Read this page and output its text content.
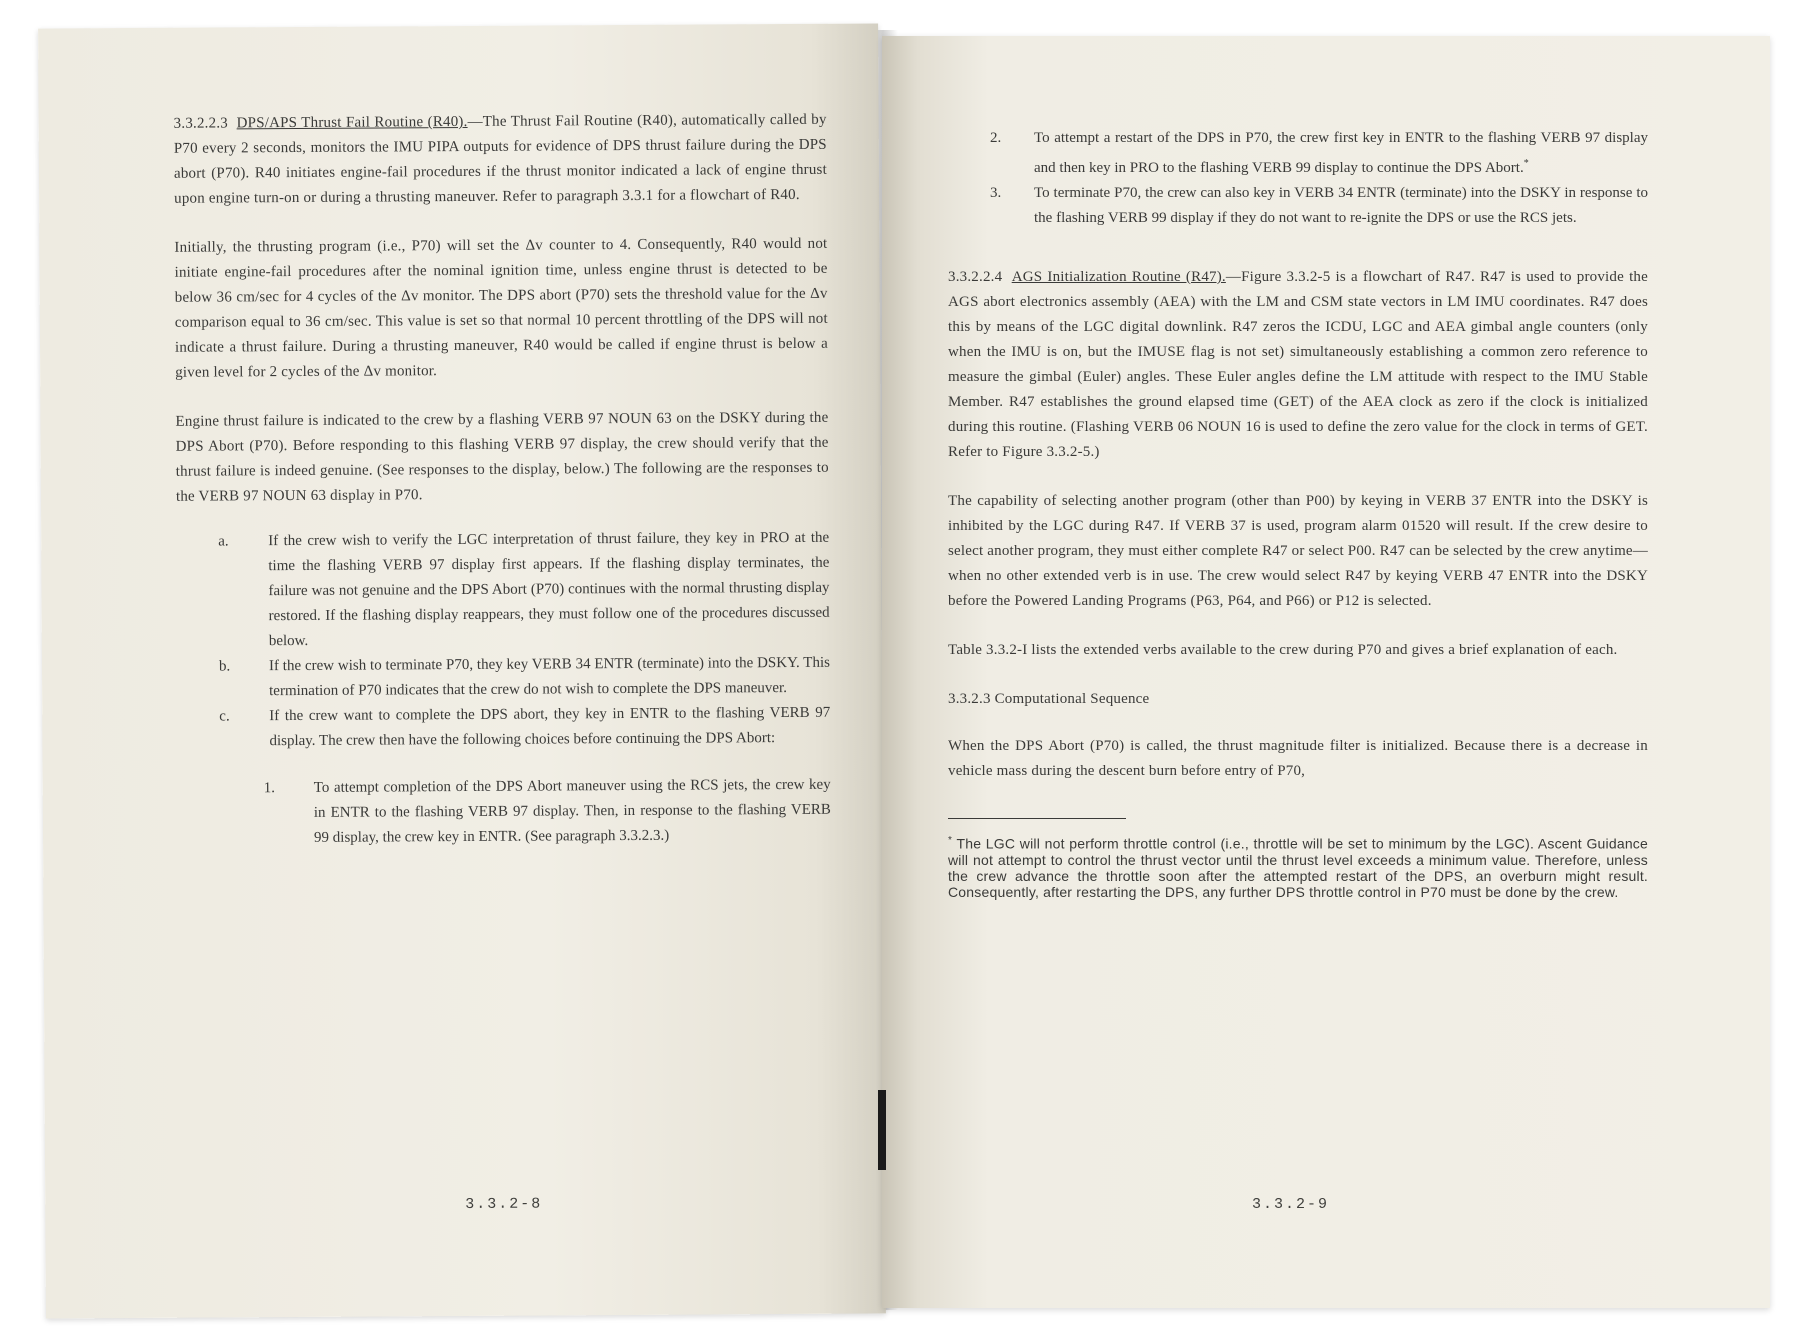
3.3.2.2.3 DPS/APS Thrust Fail Routine (R40).—The Thrust Fail Routine (R40), automatically called by P70 every 2 seconds, monitors the IMU PIPA outputs for evidence of DPS thrust failure during the DPS abort (P70). R40 initiates engine-fail procedures if the thrust monitor indicated a lack of engine thrust upon engine turn-on or during a thrusting maneuver. Refer to paragraph 3.3.1 for a flowchart of R40.

Initially, the thrusting program (i.e., P70) will set the Δv counter to 4. Consequently, R40 would not initiate engine-fail procedures after the nominal ignition time, unless engine thrust is detected to be below 36 cm/sec for 4 cycles of the Δv monitor. The DPS abort (P70) sets the threshold value for the Δv comparison equal to 36 cm/sec. This value is set so that normal 10 percent throttling of the DPS will not indicate a thrust failure. During a thrusting maneuver, R40 would be called if engine thrust is below a given level for 2 cycles of the Δv monitor.

Engine thrust failure is indicated to the crew by a flashing VERB 97 NOUN 63 on the DSKY during the DPS Abort (P70). Before responding to this flashing VERB 97 display, the crew should verify that the thrust failure is indeed genuine. (See responses to the display, below.) The following are the responses to the VERB 97 NOUN 63 display in P70.

a.	If the crew wish to verify the LGC interpretation of thrust failure, they key in PRO at the time the flashing VERB 97 display first appears. If the flashing display terminates, the failure was not genuine and the DPS Abort (P70) continues with the normal thrusting display restored. If the flashing display reappears, they must follow one of the procedures discussed below.
b.	If the crew wish to terminate P70, they key VERB 34 ENTR (terminate) into the DSKY. This termination of P70 indicates that the crew do not wish to complete the DPS maneuver.
c.	If the crew want to complete the DPS abort, they key in ENTR to the flashing VERB 97 display. The crew then have the following choices before continuing the DPS Abort:
1.	To attempt completion of the DPS Abort maneuver using the RCS jets, the crew key in ENTR to the flashing VERB 97 display. Then, in response to the flashing VERB 99 display, the crew key in ENTR. (See paragraph 3.3.2.3.)
3.3.2-8
2. To attempt a restart of the DPS in P70, the crew first key in ENTR to the flashing VERB 97 display and then key in PRO to the flashing VERB 99 display to continue the DPS Abort.*
3. To terminate P70, the crew can also key in VERB 34 ENTR (terminate) into the DSKY in response to the flashing VERB 99 display if they do not want to re-ignite the DPS or use the RCS jets.

3.3.2.2.4 AGS Initialization Routine (R47).—Figure 3.3.2-5 is a flowchart of R47. R47 is used to provide the AGS abort electronics assembly (AEA) with the LM and CSM state vectors in LM IMU coordinates. R47 does this by means of the LGC digital downlink. R47 zeros the ICDU, LGC and AEA gimbal angle counters (only when the IMU is on, but the IMUSE flag is not set) simultaneously establishing a common zero reference to measure the gimbal (Euler) angles. These Euler angles define the LM attitude with respect to the IMU Stable Member. R47 establishes the ground elapsed time (GET) of the AEA clock as zero if the clock is initialized during this routine. (Flashing VERB 06 NOUN 16 is used to define the zero value for the clock in terms of GET. Refer to Figure 3.3.2-5.)

The capability of selecting another program (other than P00) by keying in VERB 37 ENTR into the DSKY is inhibited by the LGC during R47. If VERB 37 is used, program alarm 01520 will result. If the crew desire to select another program, they must either complete R47 or select P00. R47 can be selected by the crew anytime—when no other extended verb is in use. The crew would select R47 by keying VERB 47 ENTR into the DSKY before the Powered Landing Programs (P63, P64, and P66) or P12 is selected.

Table 3.3.2-I lists the extended verbs available to the crew during P70 and gives a brief explanation of each.

3.3.2.3 Computational Sequence

When the DPS Abort (P70) is called, the thrust magnitude filter is initialized. Because there is a decrease in vehicle mass during the descent burn before entry of P70,

* The LGC will not perform throttle control (i.e., throttle will be set to minimum by the LGC). Ascent Guidance will not attempt to control the thrust vector until the thrust level exceeds a minimum value. Therefore, unless the crew advance the throttle soon after the attempted restart of the DPS, an overburn might result. Consequently, after restarting the DPS, any further DPS throttle control in P70 must be done by the crew.

3.3.2-9
